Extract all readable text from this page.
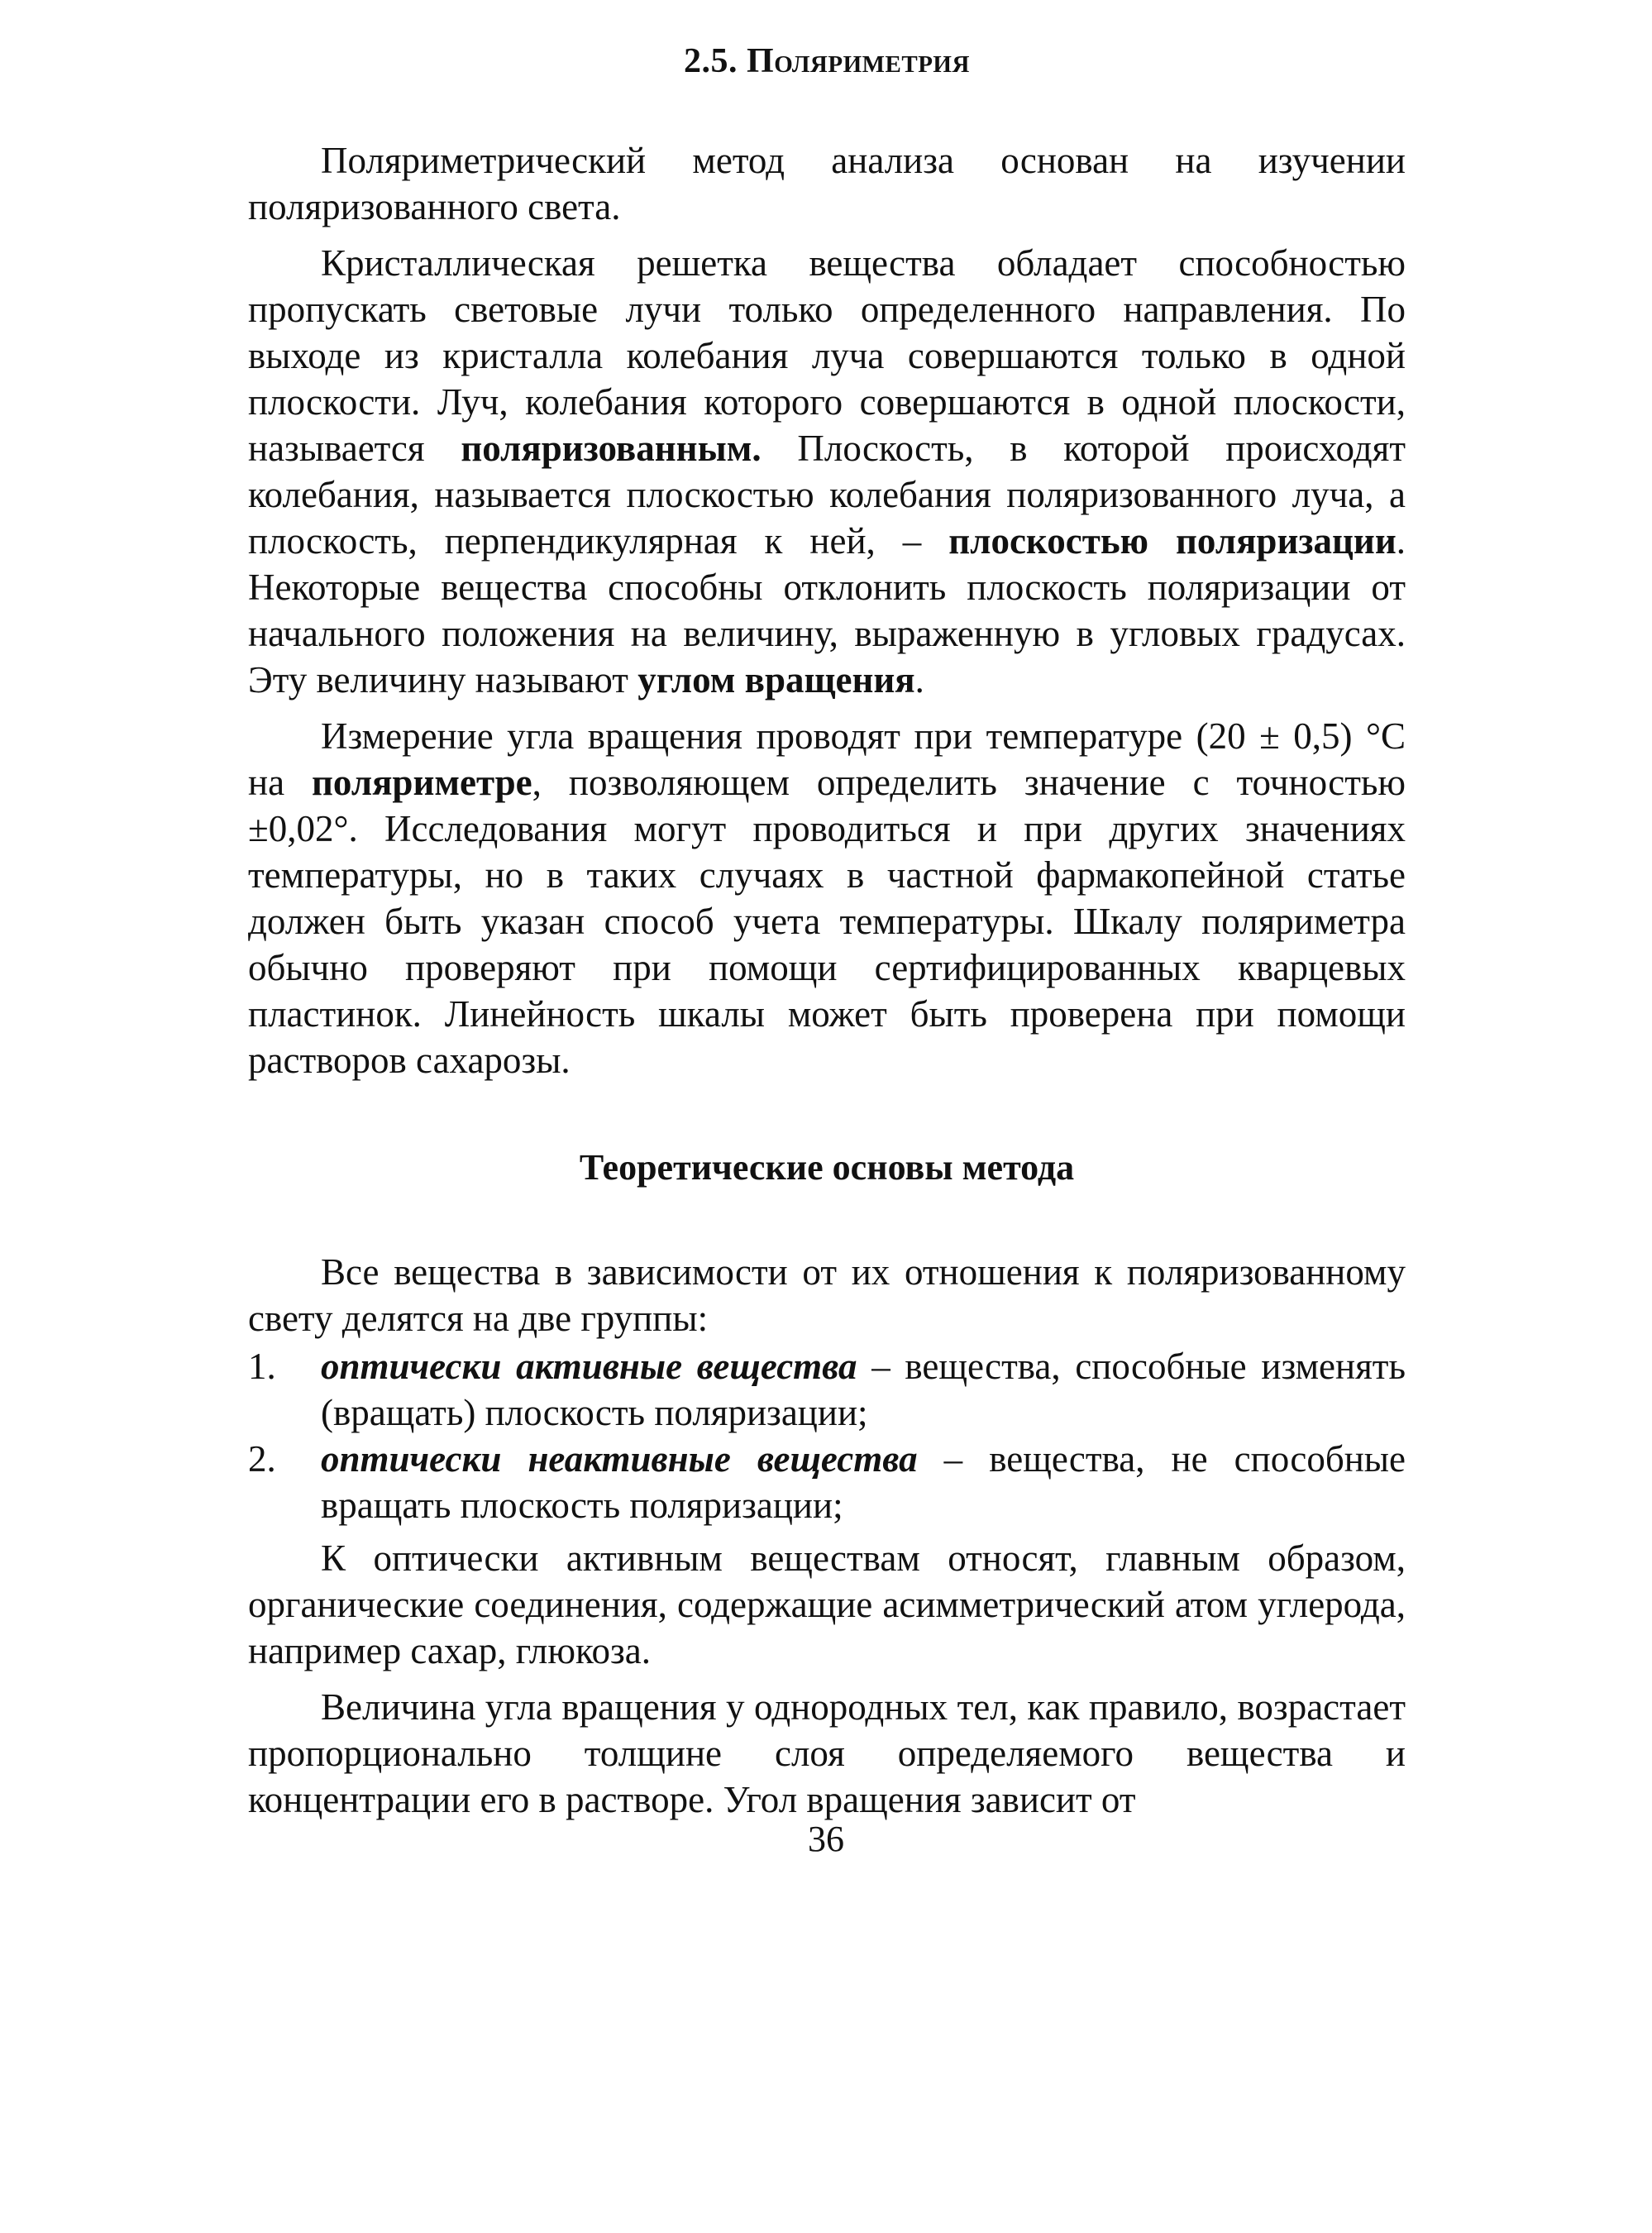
2.5. Поляриметрия

Поляриметрический метод анализа основан на изучении поляризованного света.

Кристаллическая решетка вещества обладает способностью пропускать световые лучи только определенного направления. По выходе из кристалла колебания луча совершаются только в одной плоскости. Луч, колебания которого совершаются в одной плоскости, называется поляризованным. Плоскость, в которой происходят колебания, называется плоскостью колебания поляризованного луча, а плоскость, перпендикулярная к ней, – плоскостью поляризации. Некоторые вещества способны отклонить плоскость поляризации от начального положения на величину, выраженную в угловых градусах. Эту величину называют углом вращения.

Измерение угла вращения проводят при температуре (20 ± 0,5) °С на поляриметре, позволяющем определить значение с точностью ±0,02°. Исследования могут проводиться и при других значениях температуры, но в таких случаях в частной фармакопейной статье должен быть указан способ учета температуры. Шкалу поляриметра обычно проверяют при помощи сертифицированных кварцевых пластинок. Линейность шкалы может быть проверена при помощи растворов сахарозы.

Теоретические основы метода

Все вещества в зависимости от их отношения к поляризованному свету делятся на две группы:

1.	оптически активные вещества – вещества, способные изменять (вращать) плоскость поляризации;
2.	оптически неактивные вещества – вещества, не способные вращать плоскость поляризации;

К оптически активным веществам относят, главным образом, органические соединения, содержащие асимметрический атом углерода, например сахар, глюкоза.

Величина угла вращения у однородных тел, как правило, возрастает пропорционально толщине слоя определяемого вещества и концентрации его в растворе. Угол вращения зависит от

36
